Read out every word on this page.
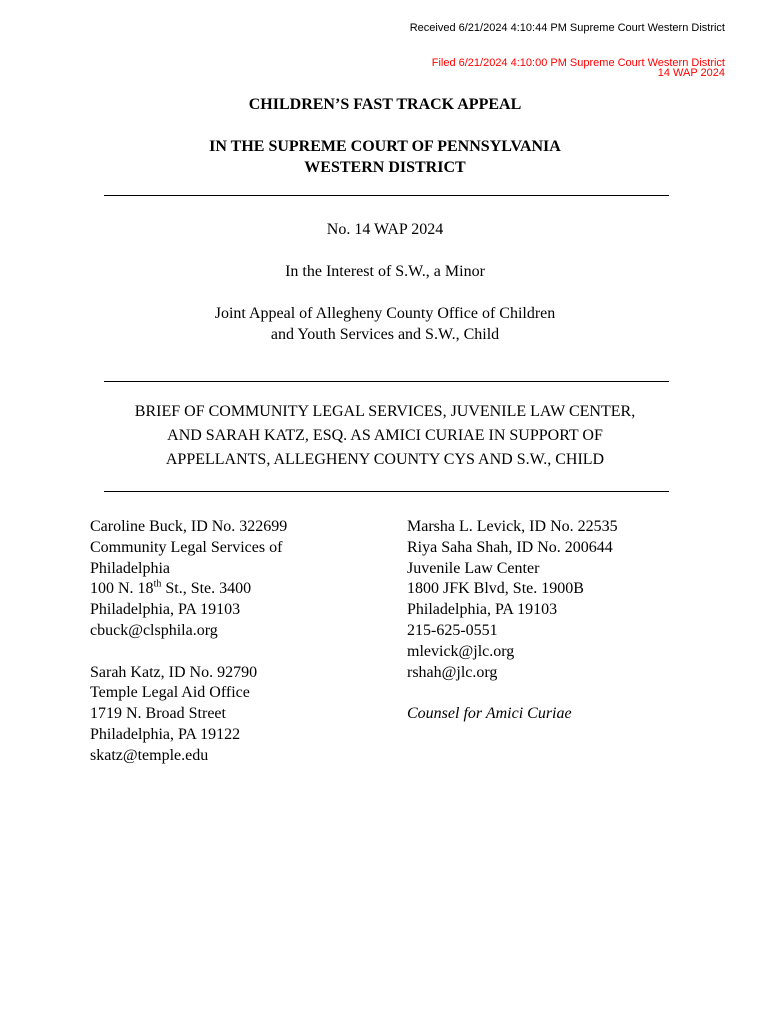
Received 6/21/2024 4:10:44 PM Supreme Court Western District
Filed 6/21/2024 4:10:00 PM Supreme Court Western District
14 WAP 2024
CHILDREN’S FAST TRACK APPEAL
IN THE SUPREME COURT OF PENNSYLVANIA
WESTERN DISTRICT
No. 14 WAP 2024
In the Interest of S.W., a Minor
Joint Appeal of Allegheny County Office of Children
and Youth Services and S.W., Child
BRIEF OF COMMUNITY LEGAL SERVICES, JUVENILE LAW CENTER,
AND SARAH KATZ, ESQ. AS AMICI CURIAE IN SUPPORT OF
APPELLANTS, ALLEGHENY COUNTY CYS AND S.W., CHILD
Caroline Buck, ID No. 322699
Community Legal Services of
Philadelphia
100 N. 18th St., Ste. 3400
Philadelphia, PA 19103
cbuck@clsphila.org
Sarah Katz, ID No. 92790
Temple Legal Aid Office
1719 N. Broad Street
Philadelphia, PA 19122
skatz@temple.edu
Marsha L. Levick, ID No. 22535
Riya Saha Shah, ID No. 200644
Juvenile Law Center
1800 JFK Blvd, Ste. 1900B
Philadelphia, PA 19103
215-625-0551
mlevick@jlc.org
rshah@jlc.org
Counsel for Amici Curiae
